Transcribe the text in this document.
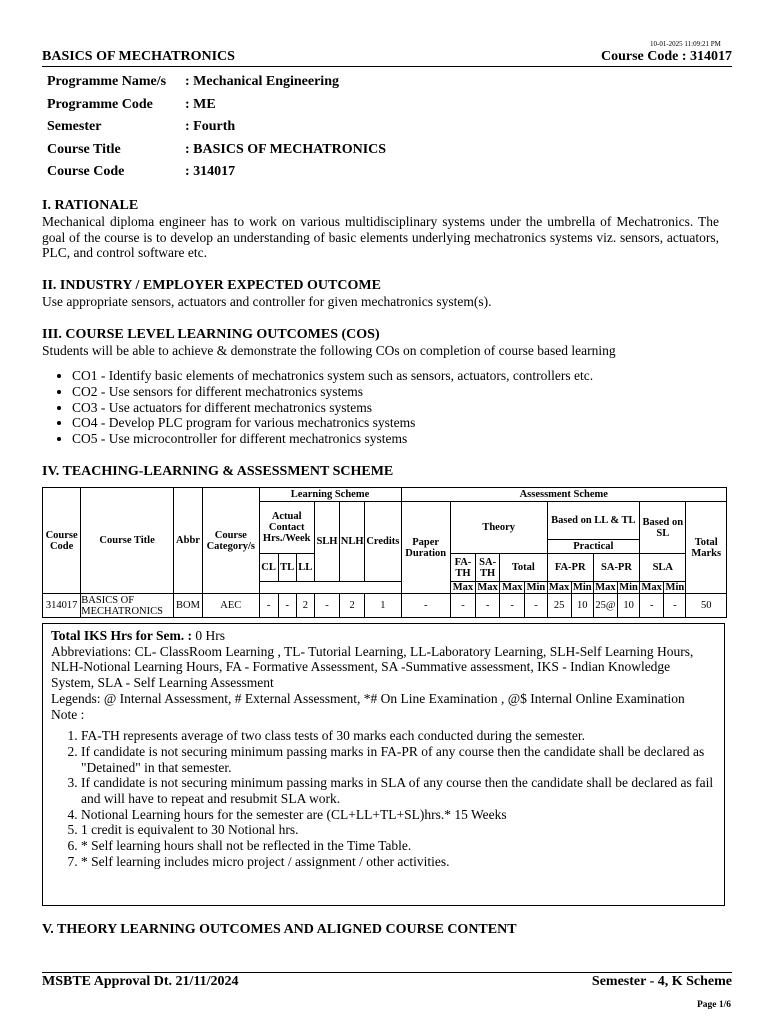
10-01-2025 11:09:21 PM
BASICS OF MECHATRONICS	Course Code : 314017
Programme Name/s	: Mechanical Engineering
Programme Code	: ME
Semester	: Fourth
Course Title	: BASICS OF MECHATRONICS
Course Code	: 314017
I. RATIONALE
Mechanical diploma engineer has to work on various multidisciplinary systems under the umbrella of Mechatronics. The goal of the course is to develop an understanding of basic elements underlying mechatronics systems viz. sensors, actuators, PLC, and control software etc.
II. INDUSTRY / EMPLOYER EXPECTED OUTCOME
Use appropriate sensors, actuators and controller for given mechatronics system(s).
III. COURSE LEVEL LEARNING OUTCOMES (COS)
Students will be able to achieve & demonstrate the following COs on completion of course based learning
• CO1 - Identify basic elements of mechatronics system such as sensors, actuators, controllers etc.
• CO2 - Use sensors for different mechatronics systems
• CO3 - Use actuators for different mechatronics systems
• CO4 - Develop PLC program for various mechatronics systems
• CO5 - Use microcontroller for different mechatronics systems
IV. TEACHING-LEARNING & ASSESSMENT SCHEME
Course Code	Course Title	Abbr	Course Category/s	Learning Scheme						Assessment Scheme											
				Actual Contact Hrs./Week			SLH	NLH	Credits	Paper Duration	Theory				Based on LL & TL				Based on SL		Total Marks
															Practical						
				CL	TL	LL					FA-TH	SA-TH	Total		FA-PR		SA-PR		SLA		
											Max	Max	Max	Min	Max	Min	Max	Min	Max	Min	
314017	BASICS OF MECHATRONICS	BOM	AEC	-	-	2	-	2	1	-	-	-	-	-	25	10	25@	10	-	-	50
Total IKS Hrs for Sem. : 0 Hrs
Abbreviations: CL- ClassRoom Learning , TL- Tutorial Learning, LL-Laboratory Learning, SLH-Self Learning Hours, NLH-Notional Learning Hours, FA - Formative Assessment, SA -Summative assessment, IKS - Indian Knowledge System, SLA - Self Learning Assessment
Legends: @ Internal Assessment, # External Assessment, *# On Line Examination , @$ Internal Online Examination
Note :
1. FA-TH represents average of two class tests of 30 marks each conducted during the semester.
2. If candidate is not securing minimum passing marks in FA-PR of any course then the candidate shall be declared as "Detained" in that semester.
3. If candidate is not securing minimum passing marks in SLA of any course then the candidate shall be declared as fail and will have to repeat and resubmit SLA work.
4. Notional Learning hours for the semester are (CL+LL+TL+SL)hrs.* 15 Weeks
5. 1 credit is equivalent to 30 Notional hrs.
6. * Self learning hours shall not be reflected in the Time Table.
7. * Self learning includes micro project / assignment / other activities.
V. THEORY LEARNING OUTCOMES AND ALIGNED COURSE CONTENT
MSBTE Approval Dt. 21/11/2024	Semester - 4, K Scheme
Page 1/6
